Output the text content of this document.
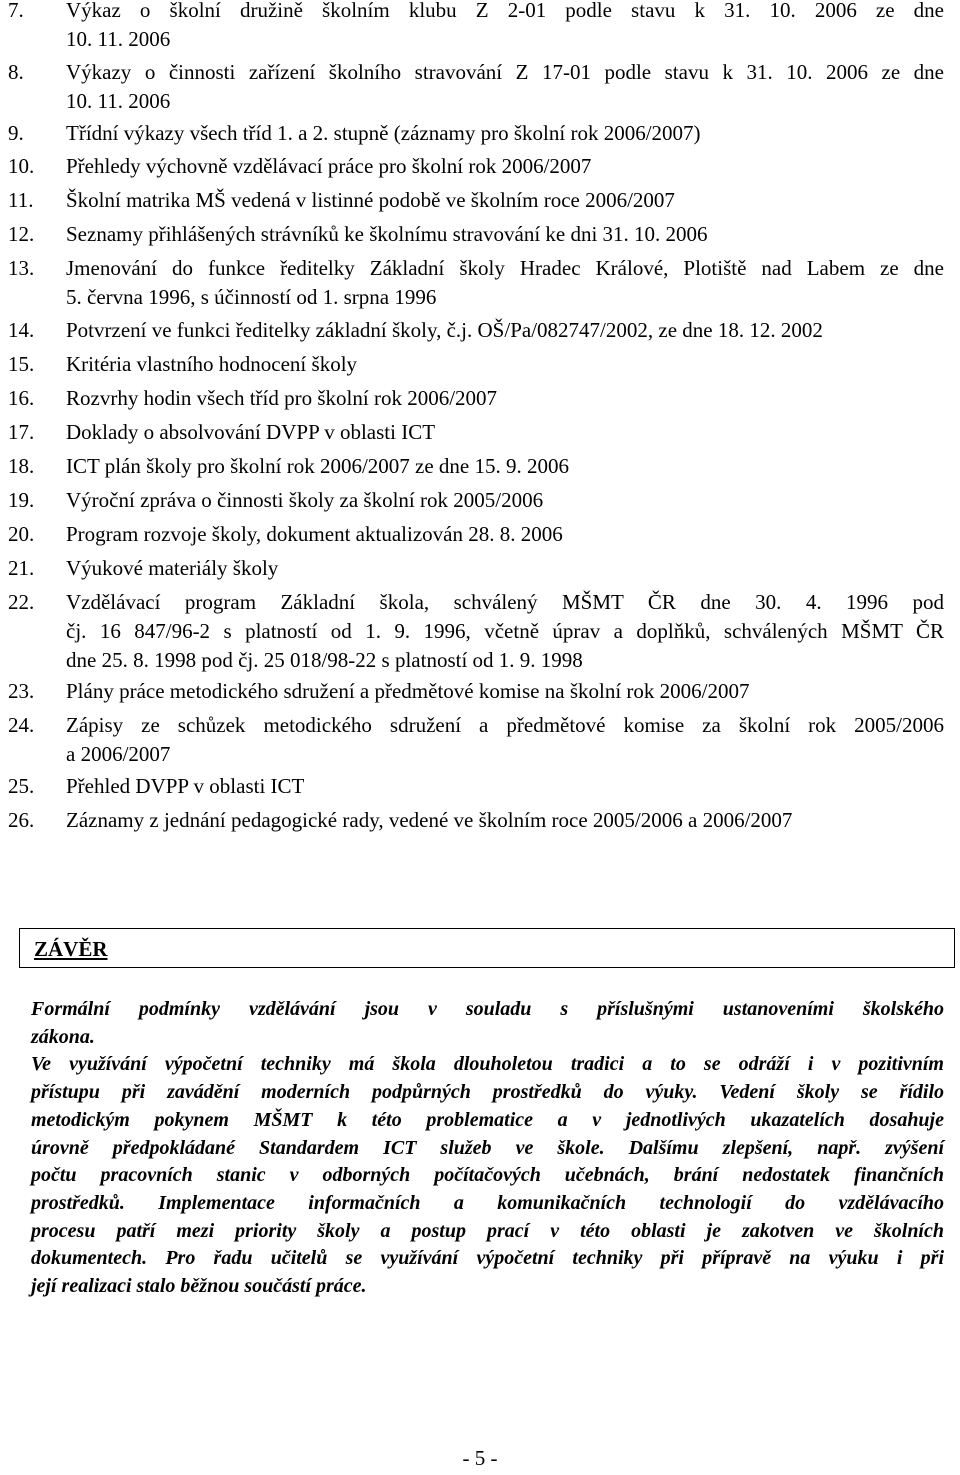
7. Výkaz o školní družině školním klubu Z 2-01 podle stavu k 31. 10. 2006 ze dne
10. 11. 2006
8. Výkazy o činnosti zařízení školního stravování Z 17-01 podle stavu k 31. 10. 2006 ze dne
10. 11. 2006
9. Třídní výkazy všech tříd 1. a 2. stupně (záznamy pro školní rok 2006/2007)
10. Přehledy výchovně vzdělávací práce pro školní rok 2006/2007
11. Školní matrika MŠ vedená v listinné podobě ve školním roce 2006/2007
12. Seznamy přihlášených strávníků ke školnímu stravování ke dni 31. 10. 2006
13. Jmenování do funkce ředitelky Základní školy Hradec Králové, Plotiště nad Labem ze dne
5. června 1996, s účinností od 1. srpna 1996
14. Potvrzení ve funkci ředitelky základní školy, č.j. OŠ/Pa/082747/2002, ze dne 18. 12. 2002
15. Kritéria vlastního hodnocení školy
16. Rozvrhy hodin všech tříd pro školní rok 2006/2007
17. Doklady o absolvování DVPP v oblasti ICT
18. ICT plán školy pro školní rok 2006/2007 ze dne 15. 9. 2006
19. Výroční zpráva o činnosti školy za školní rok 2005/2006
20. Program rozvoje školy, dokument aktualizován 28. 8. 2006
21. Výukové materiály školy
22. Vzdělávací program Základní škola, schválený MŠMT ČR dne 30. 4. 1996 pod
čj. 16 847/96-2 s platností od 1. 9. 1996, včetně úprav a doplňků, schválených MŠMT ČR
dne 25. 8. 1998 pod čj. 25 018/98-22 s platností od 1. 9. 1998
23. Plány práce metodického sdružení a předmětové komise na školní rok 2006/2007
24. Zápisy ze schůzek metodického sdružení a předmětové komise za školní rok 2005/2006
a 2006/2007
25. Přehled DVPP v oblasti ICT
26. Záznamy z jednání pedagogické rady, vedené ve školním roce 2005/2006 a 2006/2007
ZÁVĚR

Formální podmínky vzdělávání jsou v souladu s příslušnými ustanoveními školského
zákona.

Ve využívání výpočetní techniky má škola dlouholetou tradici a to se odráží i v pozitivním
přístupu při zavádění moderních podpůrných prostředků do výuky. Vedení školy se řídilo
metodickým pokynem MŠMT k této problematice a v jednotlivých ukazatelích dosahuje
úrovně předpokládané Standardem ICT služeb ve škole. Dalšímu zlepšení, např. zvýšení
počtu pracovních stanic v odborných počítačových učebnách, brání nedostatek finančních
prostředků. Implementace informačních a komunikačních technologií do vzdělávacího
procesu patří mezi priority školy a postup prací v této oblasti je zakotven ve školních
dokumentech. Pro řadu učitelů se využívání výpočetní techniky při přípravě na výuku i při
její realizaci stalo běžnou součástí práce.

- 5 -
